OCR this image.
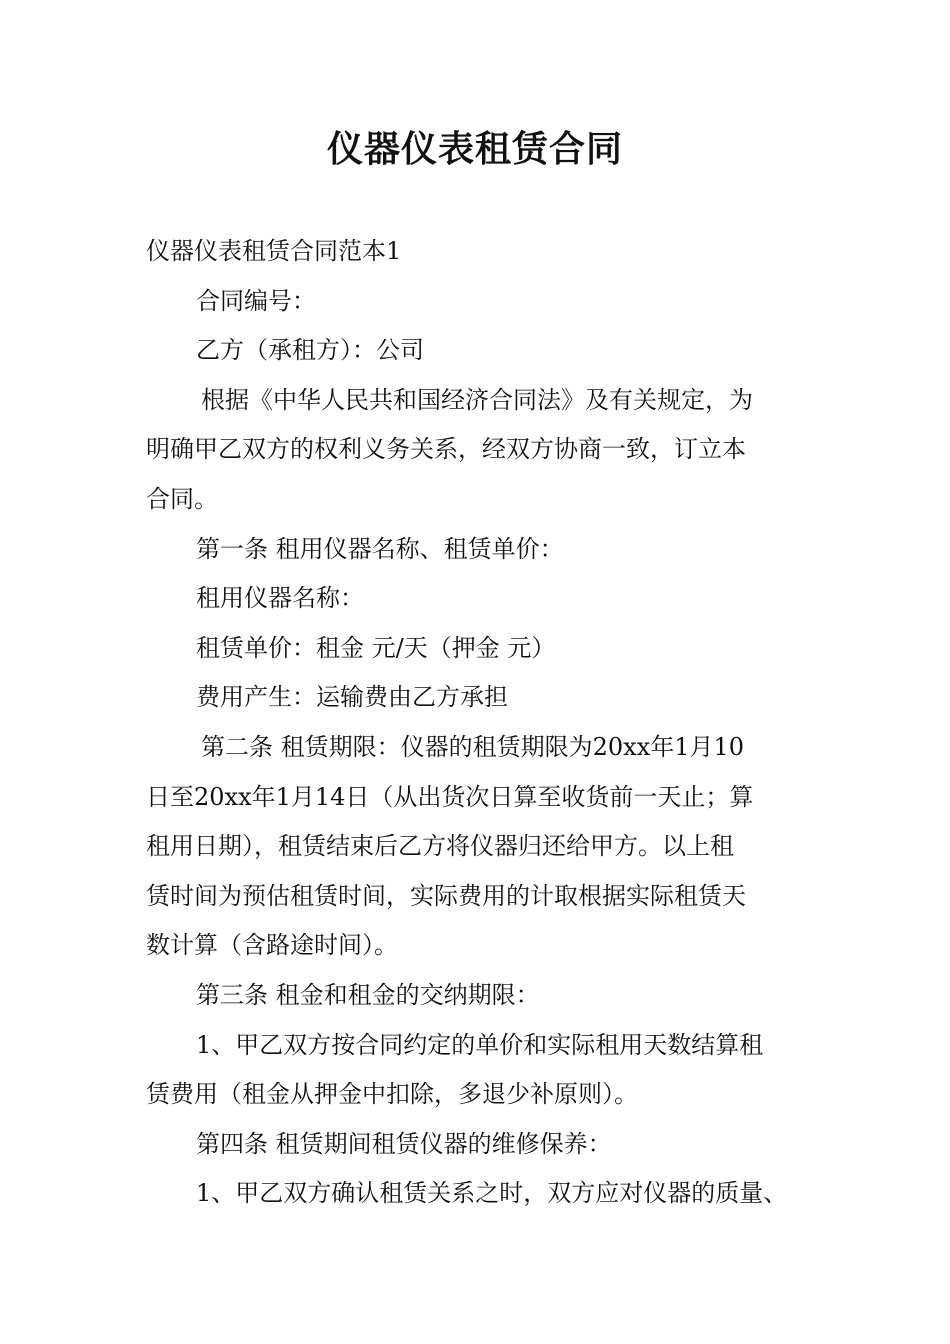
仪器仪表租赁合同

仪器仪表租赁合同范本1

合同编号：

乙方（承租方）：公司

根据《中华人民共和国经济合同法》及有关规定，为

明确甲乙双方的权利义务关系，经双方协商一致，订立本

合同。

第一条 租用仪器名称、租赁单价：

租用仪器名称：

租赁单价：租金 元/天（押金 元）

费用产生：运输费由乙方承担

第二条 租赁期限：仪器的租赁期限为20xx年1月10

日至20xx年1月14日（从出货次日算至收货前一天止；算

租用日期），租赁结束后乙方将仪器归还给甲方。以上租

赁时间为预估租赁时间，实际费用的计取根据实际租赁天

数计算（含路途时间）。

第三条 租金和租金的交纳期限：

1、甲乙双方按合同约定的单价和实际租用天数结算租

赁费用（租金从押金中扣除，多退少补原则）。

第四条 租赁期间租赁仪器的维修保养：

1、甲乙双方确认租赁关系之时，双方应对仪器的质量、
